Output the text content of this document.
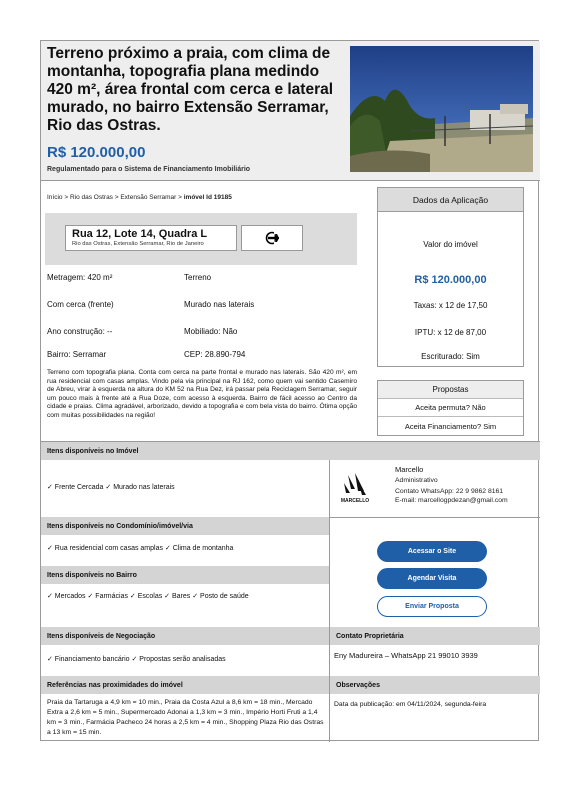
Terreno próximo a praia, com clima de montanha, topografia plana medindo 420 m², área frontal com cerca e lateral murado, no bairro Extensão Serramar, Rio das Ostras.
R$ 120.000,00
Regulamentado para o Sistema de Financiamento Imobiliário
Início > Rio das Ostras > Extensão Serramar > imóvel Id 19185
Rua 12, Lote 14, Quadra L
Rio das Ostras, Extensão Serramar, Rio de Janeiro
Metragem: 420 m²	Terreno
Com cerca (frente)	Murado nas laterais
Ano construção: --	Mobiliado: Não
Bairro: Serramar	CEP: 28.890-794
Terreno com topografia plana. Conta com cerca na parte frontal e murado nas laterais. São 420 m², em rua residencial com casas amplas. Vindo pela via principal na RJ 162, como quem vai sentido Casemiro de Abreu, virar à esquerda na altura do KM 52 na Rua Dez, irá passar pela Reciclagem Serramar, seguir um pouco mais à frente até a Rua Doze, com acesso à esquerda. Bairro de fácil acesso ao Centro da cidade e praias. Clima agradável, arborizado, devido a topografia e com bela vista do bairro. Ótima opção com muitas possibilidades na região!
Dados da Aplicação
Valor do imóvel
R$ 120.000,00
Taxas: x 12 de 17,50
IPTU: x 12 de 87,00
Escriturado: Sim
Propostas
Aceita permuta? Não
Aceita Financiamento? Sim
Itens disponíveis no Imóvel
✓ Frente Cercada ✓ Murado nas laterais
MARCELLO
Marcello
Administrativo
Contato WhatsApp: 22 9 9862 8161
E-mail: marcellogpdezan@gmail.com
Itens disponíveis no Condomínio/imóvel/via
✓ Rua residencial com casas amplas ✓ Clima de montanha
Itens disponíveis no Bairro
✓ Mercados ✓ Farmácias ✓ Escolas ✓ Bares ✓ Posto de saúde
Acessar o Site
Agendar Visita
Enviar Proposta
Itens disponíveis de Negociação	Contato Proprietária
✓ Financiamento bancário ✓ Propostas serão analisadas	Eny Madureira – WhatsApp 21 99010 3939
Referências nas proximidades do imóvel	Observações
Praia da Tartaruga a 4,9 km = 10 min., Praia da Costa Azul a 8,6 km = 18 min., Mercado Extra a 2,6 km = 5 min., Supermercado Adonai a 1,3 km = 3 min., Império Horti Fruti a 1,4 km = 3 min., Farmácia Pacheco 24 horas a 2,5 km = 4 min., Shopping Plaza Rio das Ostras a 13 km = 15 min.
Data da publicação: em 04/11/2024, segunda-feira
